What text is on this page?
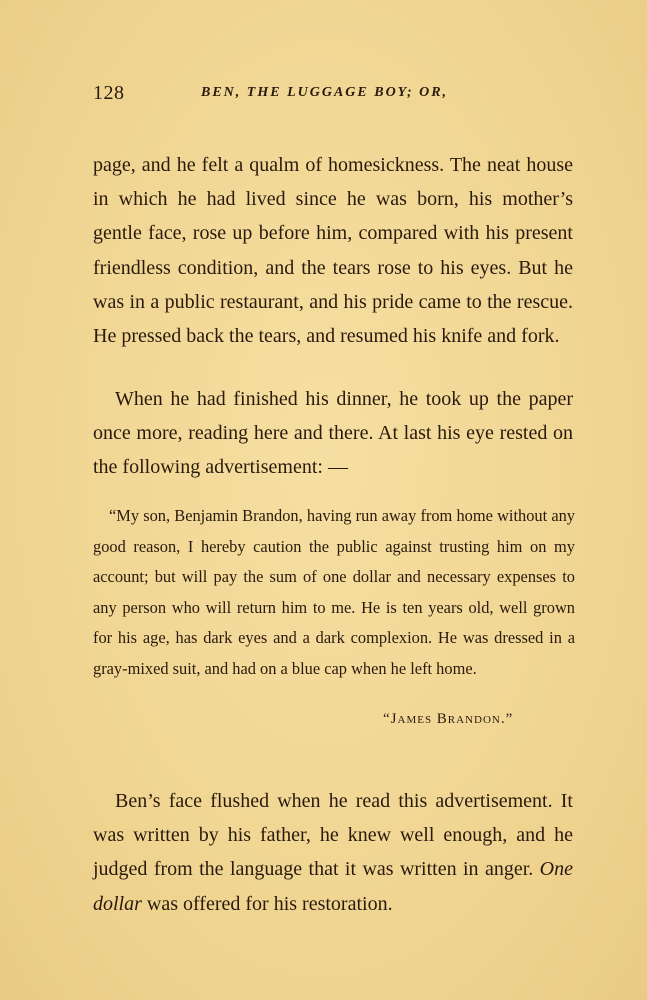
128	BEN, THE LUGGAGE BOY; OR,

page, and he felt a qualm of homesickness. The neat house in which he had lived since he was born, his mother’s gentle face, rose up before him, compared with his present friendless condition, and the tears rose to his eyes. But he was in a public restaurant, and his pride came to the rescue. He pressed back the tears, and resumed his knife and fork.

When he had finished his dinner, he took up the paper once more, reading here and there. At last his eye rested on the following advertisement: —

“My son, Benjamin Brandon, having run away from home without any good reason, I hereby caution the public against trusting him on my account; but will pay the sum of one dollar and necessary expenses to any person who will return him to me. He is ten years old, well grown for his age, has dark eyes and a dark complexion. He was dressed in a gray-mixed suit, and had on a blue cap when he left home.

“James Brandon.”

Ben’s face flushed when he read this advertisement. It was written by his father, he knew well enough, and he judged from the language that it was written in anger. One dollar was offered for his restoration.
